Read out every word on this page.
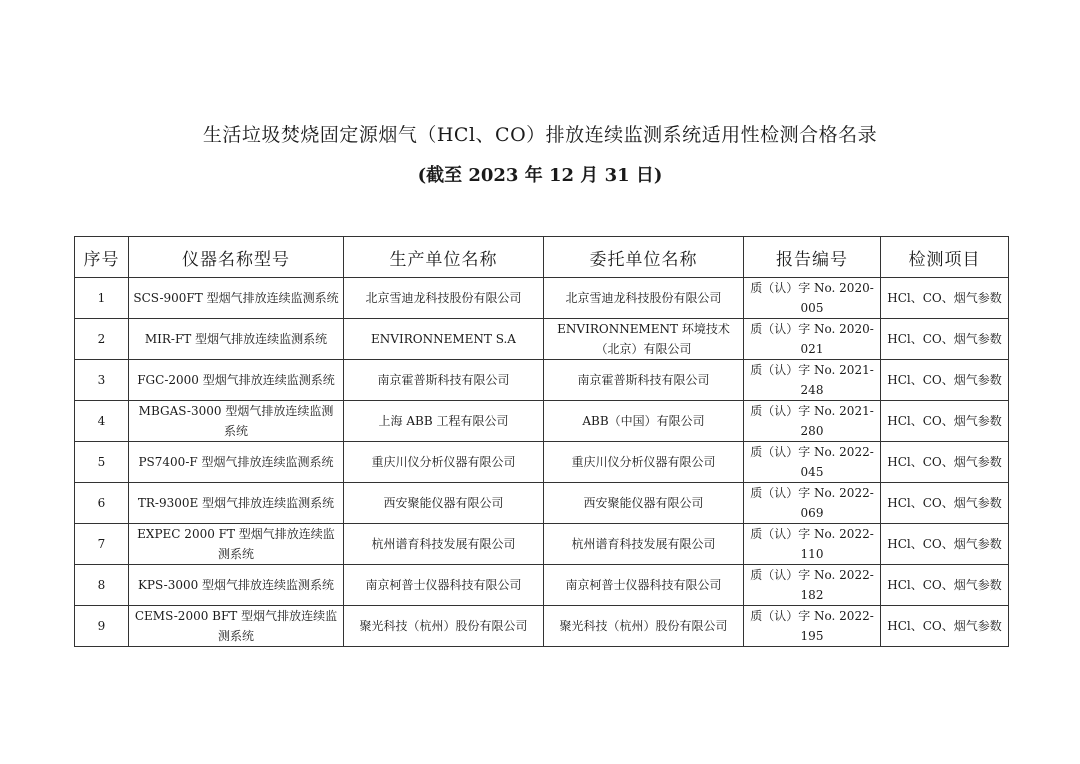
生活垃圾焚烧固定源烟气（HCl、CO）排放连续监测系统适用性检测合格名录
(截至 2023 年 12 月 31 日)
序号	仪器名称型号	生产单位名称	委托单位名称	报告编号	检测项目
1	SCS-900FT 型烟气排放连续监测系统	北京雪迪龙科技股份有限公司	北京雪迪龙科技股份有限公司	质（认）字 No. 2020-005	HCl、CO、烟气参数
2	MIR-FT 型烟气排放连续监测系统	ENVIRONNEMENT S.A	ENVIRONNEMENT 环境技术（北京）有限公司	质（认）字 No. 2020-021	HCl、CO、烟气参数
3	FGC-2000 型烟气排放连续监测系统	南京霍普斯科技有限公司	南京霍普斯科技有限公司	质（认）字 No. 2021-248	HCl、CO、烟气参数
4	MBGAS-3000 型烟气排放连续监测系统	上海 ABB 工程有限公司	ABB（中国）有限公司	质（认）字 No. 2021-280	HCl、CO、烟气参数
5	PS7400-F 型烟气排放连续监测系统	重庆川仪分析仪器有限公司	重庆川仪分析仪器有限公司	质（认）字 No. 2022-045	HCl、CO、烟气参数
6	TR-9300E 型烟气排放连续监测系统	西安聚能仪器有限公司	西安聚能仪器有限公司	质（认）字 No. 2022-069	HCl、CO、烟气参数
7	EXPEC 2000 FT 型烟气排放连续监测系统	杭州谱育科技发展有限公司	杭州谱育科技发展有限公司	质（认）字 No. 2022-110	HCl、CO、烟气参数
8	KPS-3000 型烟气排放连续监测系统	南京柯普士仪器科技有限公司	南京柯普士仪器科技有限公司	质（认）字 No. 2022-182	HCl、CO、烟气参数
9	CEMS-2000 BFT 型烟气排放连续监测系统	聚光科技（杭州）股份有限公司	聚光科技（杭州）股份有限公司	质（认）字 No. 2022-195	HCl、CO、烟气参数
